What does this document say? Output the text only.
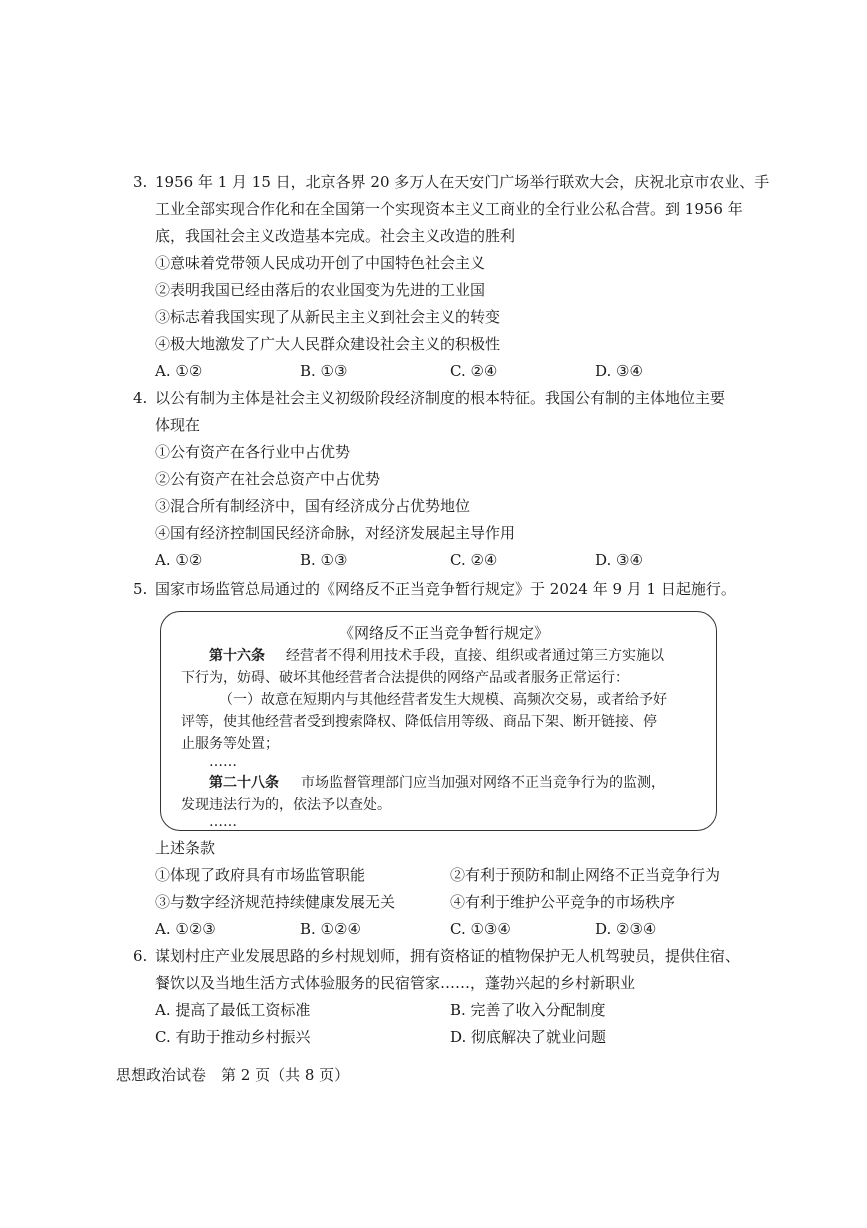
3. 1956 年 1 月 15 日，北京各界 20 多万人在天安门广场举行联欢大会，庆祝北京市农业、手
工业全部实现合作化和在全国第一个实现资本主义工商业的全行业公私合营。到 1956 年
底，我国社会主义改造基本完成。社会主义改造的胜利
①意味着党带领人民成功开创了中国特色社会主义
②表明我国已经由落后的农业国变为先进的工业国
③标志着我国实现了从新民主主义到社会主义的转变
④极大地激发了广大人民群众建设社会主义的积极性
A. ①②	B. ①③	C. ②④	D. ③④
4. 以公有制为主体是社会主义初级阶段经济制度的根本特征。我国公有制的主体地位主要
体现在
①公有资产在各行业中占优势
②公有资产在社会总资产中占优势
③混合所有制经济中，国有经济成分占优势地位
④国有经济控制国民经济命脉，对经济发展起主导作用
A. ①②	B. ①③	C. ②④	D. ③④
5. 国家市场监管总局通过的《网络反不正当竞争暂行规定》于 2024 年 9 月 1 日起施行。
《网络反不正当竞争暂行规定》
第十六条 经营者不得利用技术手段，直接、组织或者通过第三方实施以
下行为，妨碍、破坏其他经营者合法提供的网络产品或者服务正常运行：
（一）故意在短期内与其他经营者发生大规模、高频次交易，或者给予好
评等，使其他经营者受到搜索降权、降低信用等级、商品下架、断开链接、停
止服务等处置；
……
第二十八条 市场监督管理部门应当加强对网络不正当竞争行为的监测，
发现违法行为的，依法予以查处。
……
上述条款
①体现了政府具有市场监管职能	②有利于预防和制止网络不正当竞争行为
③与数字经济规范持续健康发展无关	④有利于维护公平竞争的市场秩序
A. ①②③	B. ①②④	C. ①③④	D. ②③④
6. 谋划村庄产业发展思路的乡村规划师，拥有资格证的植物保护无人机驾驶员，提供住宿、
餐饮以及当地生活方式体验服务的民宿管家……，蓬勃兴起的乡村新职业
A. 提高了最低工资标准	B. 完善了收入分配制度
C. 有助于推动乡村振兴	D. 彻底解决了就业问题
思想政治试卷　第 2 页（共 8 页）
